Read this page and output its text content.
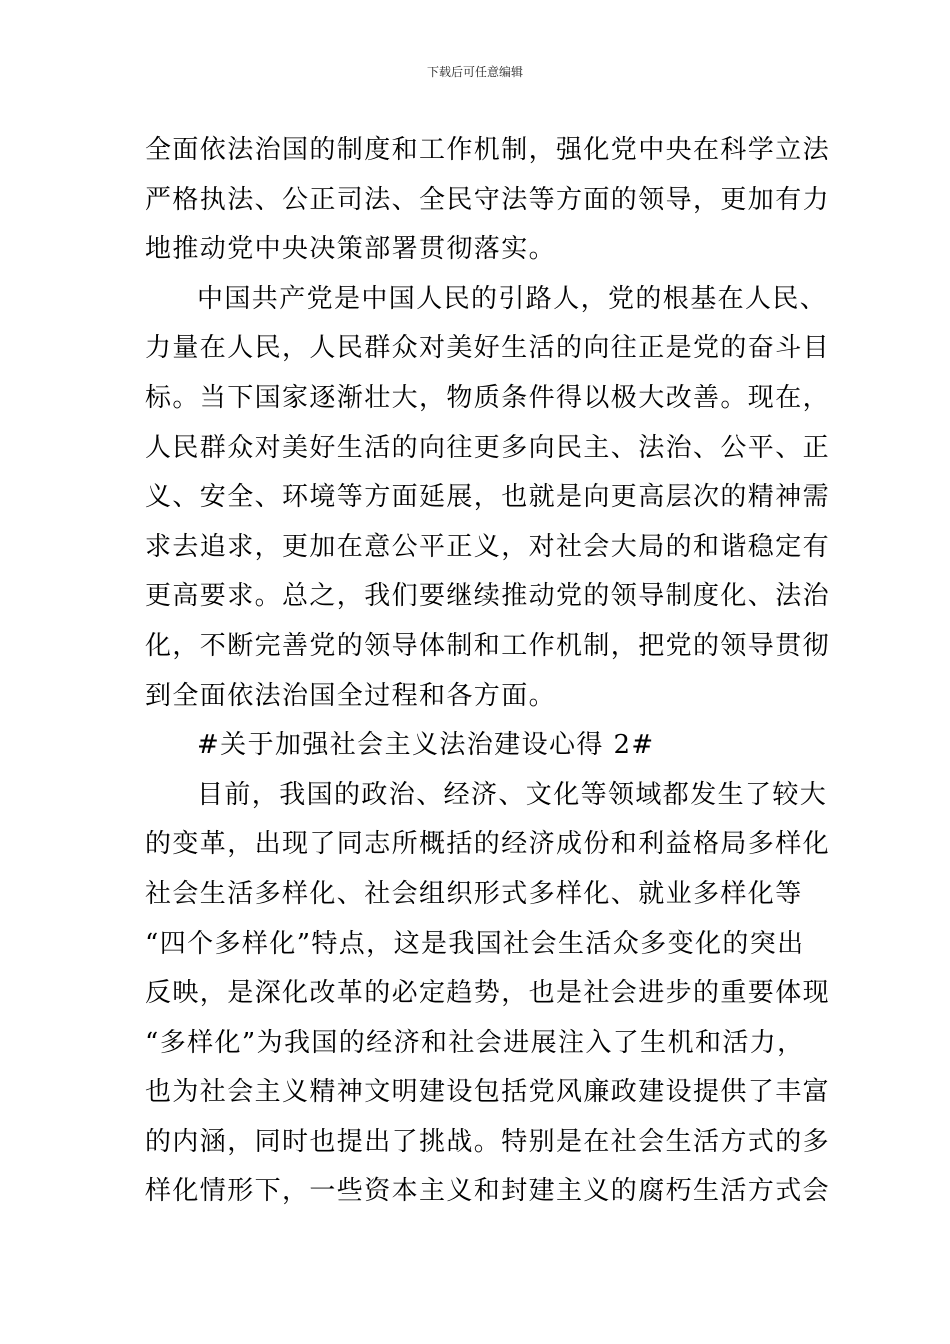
下载后可任意编辑
全面依法治国的制度和工作机制，强化党中央在科学立法
严格执法、公正司法、全民守法等方面的领导，更加有力
地推动党中央决策部署贯彻落实。
中国共产党是中国人民的引路人，党的根基在人民、
力量在人民，人民群众对美好生活的向往正是党的奋斗目
标。当下国家逐渐壮大，物质条件得以极大改善。现在，
人民群众对美好生活的向往更多向民主、法治、公平、正
义、安全、环境等方面延展，也就是向更高层次的精神需
求去追求，更加在意公平正义，对社会大局的和谐稳定有
更高要求。总之，我们要继续推动党的领导制度化、法治
化，不断完善党的领导体制和工作机制，把党的领导贯彻
到全面依法治国全过程和各方面。
#关于加强社会主义法治建设心得 2#
目前，我国的政治、经济、文化等领域都发生了较大
的变革，出现了同志所概括的经济成份和利益格局多样化
社会生活多样化、社会组织形式多样化、就业多样化等
“四个多样化”特点，这是我国社会生活众多变化的突出
反映，是深化改革的必定趋势，也是社会进步的重要体现
“多样化”为我国的经济和社会进展注入了生机和活力，
也为社会主义精神文明建设包括党风廉政建设提供了丰富
的内涵，同时也提出了挑战。特别是在社会生活方式的多
样化情形下，一些资本主义和封建主义的腐朽生活方式会
